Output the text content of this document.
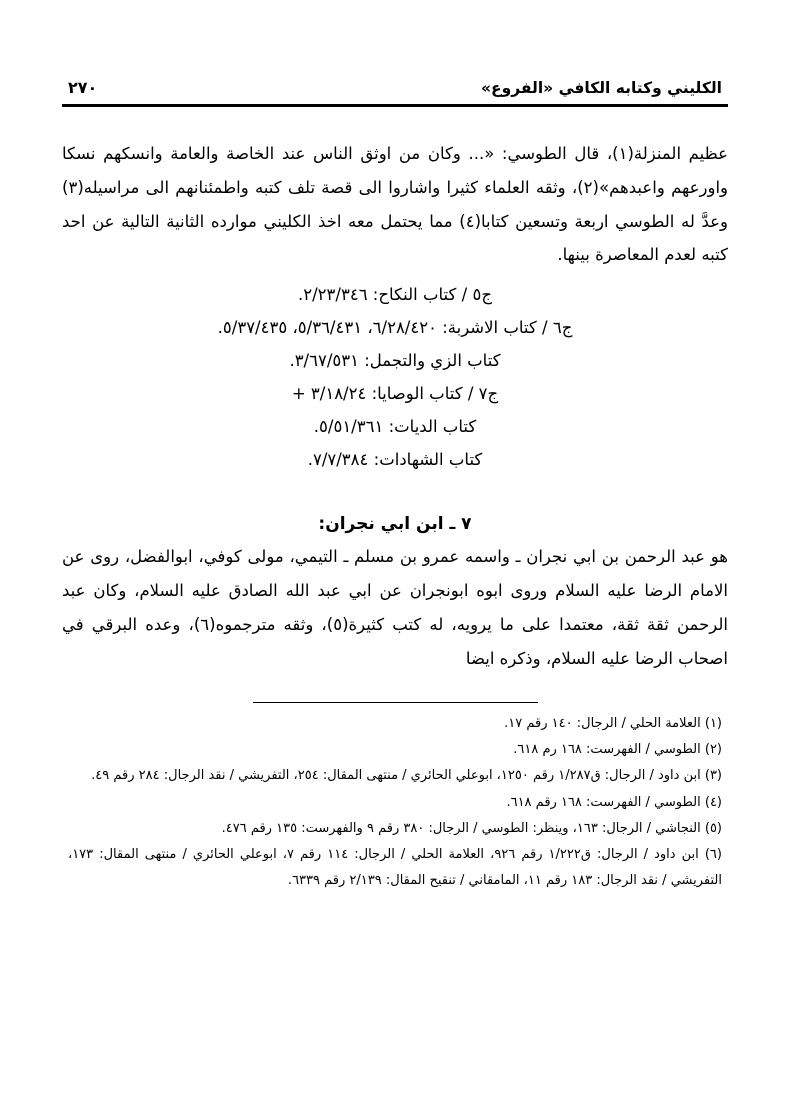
الكليني وكتابه الكافي «الفروع»
٢٧٠

عظيم المنزلة(١)، قال الطوسي: «... وكان من اوثق الناس عند الخاصة والعامة وانسكهم نسكا واورعهم واعبدهم»(٢)، وثقه العلماء كثيرا واشاروا الى قصة تلف كتبه واطمئنانهم الى مراسيله(٣) وعدَّ له الطوسي اربعة وتسعين كتابا(٤) مما يحتمل معه اخذ الكليني موارده الثانية التالية عن احد كتبه لعدم المعاصرة بينها.

ج٥ / كتاب النكاح: ٢/٢٣/٣٤٦.
ج٦ / كتاب الاشربة: ٦/٢٨/٤٢٠، ٥/٣٦/٤٣١، ٥/٣٧/٤٣٥.
كتاب الزي والتجمل: ٣/٦٧/٥٣١.
ج٧ / كتاب الوصايا: ٣/١٨/٢٤ +
كتاب الديات: ٥/٥١/٣٦١.
كتاب الشهادات: ٧/٧/٣٨٤.
٧ ـ ابن ابي نجران:
هو عبد الرحمن بن ابي نجران ـ واسمه عمرو بن مسلم ـ التيمي، مولى كوفي، ابوالفضل، روى عن الامام الرضا عليه السلام وروى ابوه ابونجران عن ابي عبد الله الصادق عليه السلام، وكان عبد الرحمن ثقة ثقة، معتمدا على ما يرويه، له كتب كثيرة(٥)، وثقه مترجموه(٦)، وعده البرقي في اصحاب الرضا عليه السلام، وذكره ايضا
(١) العلامة الحلي / الرجال: ١٤٠ رقم ١٧.
(٢) الطوسي / الفهرست: ١٦٨ رم ٦١٨.
(٣) ابن داود / الرجال: ق١/٢٨٧ رقم ١٢٥٠، ابوعلي الحائري / منتهى المقال: ٢٥٤، التفريشي / نقد الرجال: ٢٨٤ رقم ٤٩.
(٤) الطوسي / الفهرست: ١٦٨ رقم ٦١٨.
(٥) النجاشي / الرجال: ١٦٣، وينظر: الطوسي / الرجال: ٣٨٠ رقم ٩ والفهرست: ١٣٥ رقم ٤٧٦.
(٦) ابن داود / الرجال: ق١/٢٢٢ رقم ٩٢٦، العلامة الحلي / الرجال: ١١٤ رقم ٧، ابوعلي الحائري / منتهى المقال: ١٧٣، التفريشي / نقد الرجال: ١٨٣ رقم ١١، المامقاني / تنقيح المقال: ٢/١٣٩ رقم ٦٣٣٩.
